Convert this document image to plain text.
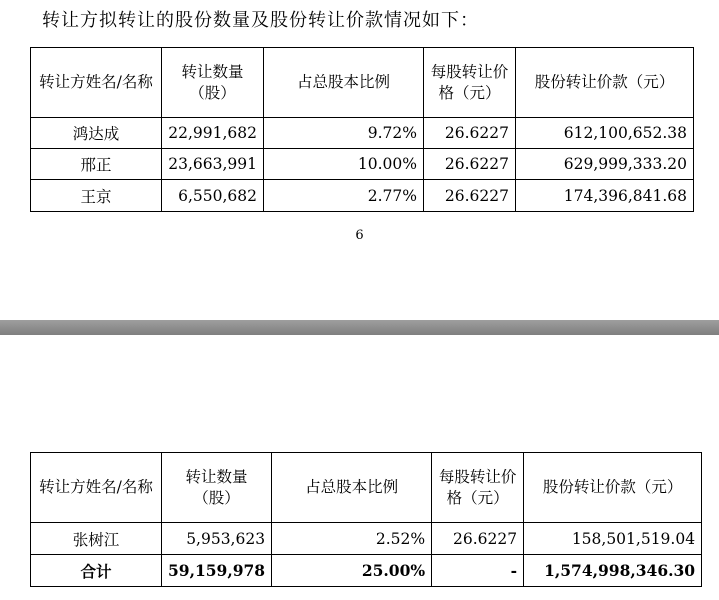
转让方拟转让的股份数量及股份转让价款情况如下：
转让方姓名/名称	转让数量（股）	占总股本比例	每股转让价格（元）	股份转让价款（元）
鸿达成	22,991,682	9.72%	26.6227	612,100,652.38
邢正	23,663,991	10.00%	26.6227	629,999,333.20
王京	6,550,682	2.77%	26.6227	174,396,841.68
6
转让方姓名/名称	转让数量（股）	占总股本比例	每股转让价格（元）	股份转让价款（元）
张树江	5,953,623	2.52%	26.6227	158,501,519.04
合计	59,159,978	25.00%	-	1,574,998,346.30
